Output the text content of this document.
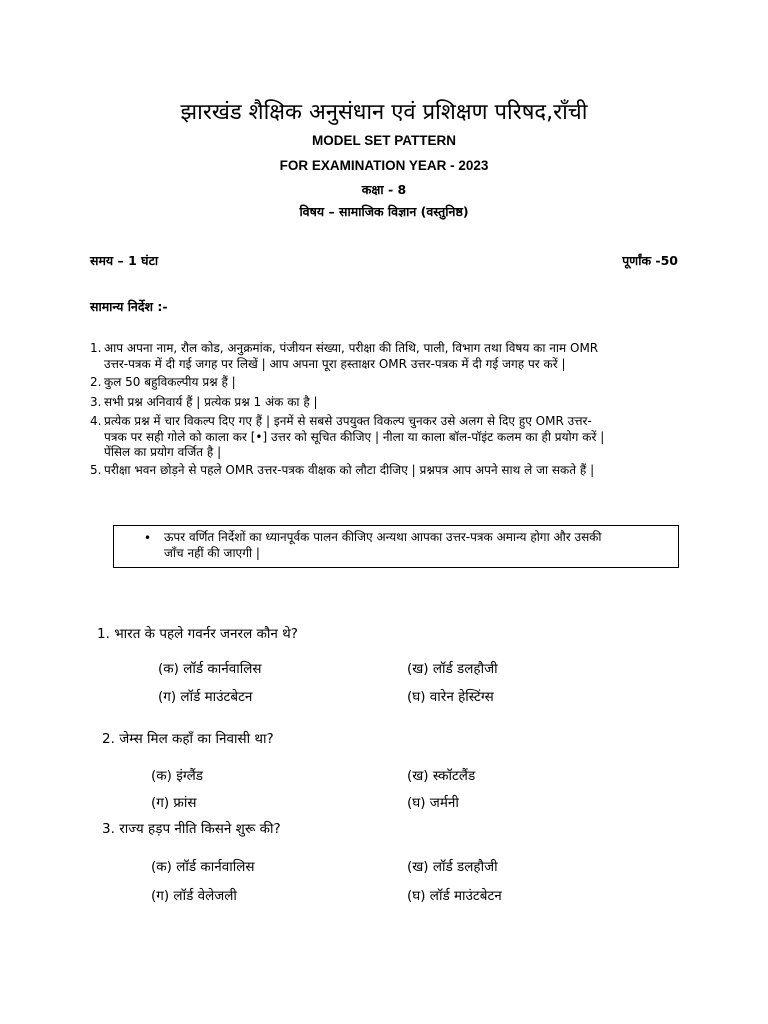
झारखंड शैक्षिक अनुसंधान एवं प्रशिक्षण परिषद,राँची
MODEL SET PATTERN
FOR EXAMINATION YEAR - 2023
कक्षा - 8
विषय – सामाजिक विज्ञान (वस्तुनिष्ठ)
समय – 1 घंटा	पूर्णांक -50
सामान्य निर्देश :-
1. आप अपना नाम, रौल कोड, अनुक्रमांक, पंजीयन संख्या, परीक्षा की तिथि, पाली, विभाग तथा विषय का नाम OMR
उत्तर-पत्रक में दी गई जगह पर लिखें | आप अपना पूरा हस्ताक्षर OMR उत्तर-पत्रक में दी गई जगह पर करें |
2. कुल 50 बहुविकल्पीय प्रश्न हैं |
3. सभी प्रश्न अनिवार्य हैं | प्रत्येक प्रश्न 1 अंक का है |
4. प्रत्येक प्रश्न में चार विकल्प दिए गए हैं | इनमें से सबसे उपयुक्त विकल्प चुनकर उसे अलग से दिए हुए OMR उत्तर-
पत्रक पर सही गोले को काला कर [•] उत्तर को सूचित कीजिए | नीला या काला बॉल-पॉइंट कलम का ही प्रयोग करें |
पेंसिल का प्रयोग वर्जित है |
5. परीक्षा भवन छोड़ने से पहले OMR उत्तर-पत्रक वीक्षक को लौटा दीजिए | प्रश्नपत्र आप अपने साथ ले जा सकते हैं |
• ऊपर वर्णित निर्देशों का ध्यानपूर्वक पालन कीजिए अन्यथा आपका उत्तर-पत्रक अमान्य होगा और उसकी
जाँच नहीं की जाएगी |
1. भारत के पहले गवर्नर जनरल कौन थे?
(क) लॉर्ड कार्नवालिस	(ख) लॉर्ड डलहौजी
(ग) लॉर्ड माउंटबेटन	(घ) वारेन हेस्टिंग्स
2. जेम्स मिल कहाँ का निवासी था?
(क) इंग्लैंड	(ख) स्कॉटलैंड
(ग) फ्रांस	(घ) जर्मनी
3. राज्य हड़प नीति किसने शुरू की?
(क) लॉर्ड कार्नवालिस	(ख) लॉर्ड डलहौजी
(ग) लॉर्ड वेलेजली	(घ) लॉर्ड माउंटबेटन
